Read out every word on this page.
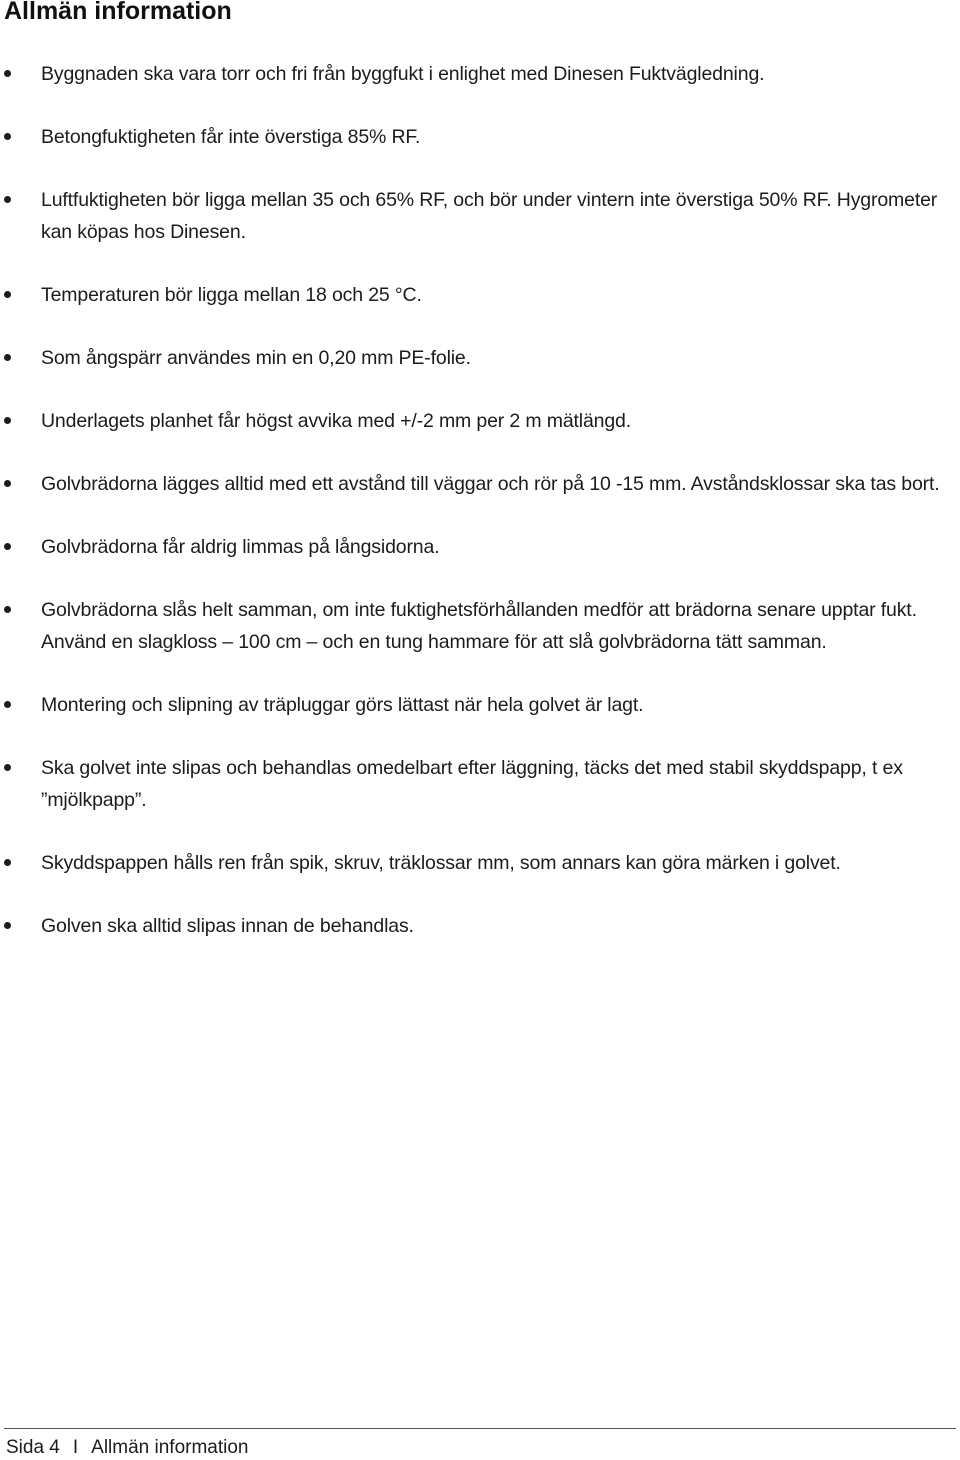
Allmän information
Byggnaden ska vara torr och fri från byggfukt i enlighet med Dinesen Fuktvägledning.
Betongfuktigheten får inte överstiga 85% RF.
Luftfuktigheten bör ligga mellan 35 och 65% RF, och bör under vintern inte överstiga 50% RF. Hygrometer kan köpas hos Dinesen.
Temperaturen bör ligga mellan 18 och 25 °C.
Som ångspärr användes min en 0,20 mm PE-folie.
Underlagets planhet får högst avvika med +/-2 mm per 2 m mätlängd.
Golvbrädorna lägges alltid med ett avstånd till väggar och rör på 10 -15 mm. Avståndsklossar ska tas bort.
Golvbrädorna får aldrig limmas på långsidorna.
Golvbrädorna slås helt samman, om inte fuktighetsförhållanden medför att brädorna senare upptar fukt. Använd en slagkloss – 100 cm – och en tung hammare för att slå golvbrädorna tätt samman.
Montering och slipning av träpluggar görs lättast när hela golvet är lagt.
Ska golvet inte slipas och behandlas omedelbart efter läggning, täcks det med stabil skyddspapp, t ex ”mjölkpapp”.
Skyddspappen hålls ren från spik, skruv, träklossar mm, som annars kan göra märken i golvet.
Golven ska alltid slipas innan de behandlas.
Sida 4 I Allmän information
